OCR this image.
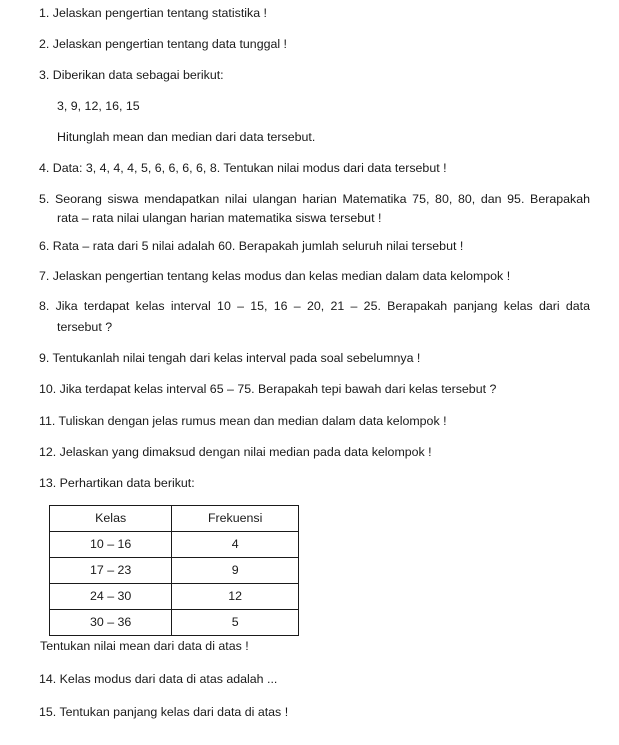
1. Jelaskan pengertian tentang statistika !
2. Jelaskan pengertian tentang data tunggal !
3. Diberikan data sebagai berikut:
3, 9, 12, 16, 15
Hitunglah mean dan median dari data tersebut.
4. Data: 3, 4, 4, 4, 5, 6, 6, 6, 6, 8. Tentukan nilai modus dari data tersebut !
5. Seorang siswa mendapatkan nilai ulangan harian Matematika 75, 80, 80, dan 95. Berapakah
rata – rata nilai ulangan harian matematika siswa tersebut !
6. Rata – rata dari 5 nilai adalah 60. Berapakah jumlah seluruh nilai tersebut !
7. Jelaskan pengertian tentang kelas modus dan kelas median dalam data kelompok !
8. Jika terdapat kelas interval 10 – 15, 16 – 20, 21 – 25. Berapakah panjang kelas dari data
tersebut ?
9. Tentukanlah nilai tengah dari kelas interval pada soal sebelumnya !
10. Jika terdapat kelas interval 65 – 75. Berapakah tepi bawah dari kelas tersebut ?
11. Tuliskan dengan jelas rumus mean dan median dalam data kelompok !
12. Jelaskan yang dimaksud dengan nilai median pada data kelompok !
13. Perhartikan data berikut:
Kelas	Frekuensi
10 – 16	4
17 – 23	9
24 – 30	12
30 – 36	5
Tentukan nilai mean dari data di atas !
14. Kelas modus dari data di atas adalah ...
15. Tentukan panjang kelas dari data di atas !
